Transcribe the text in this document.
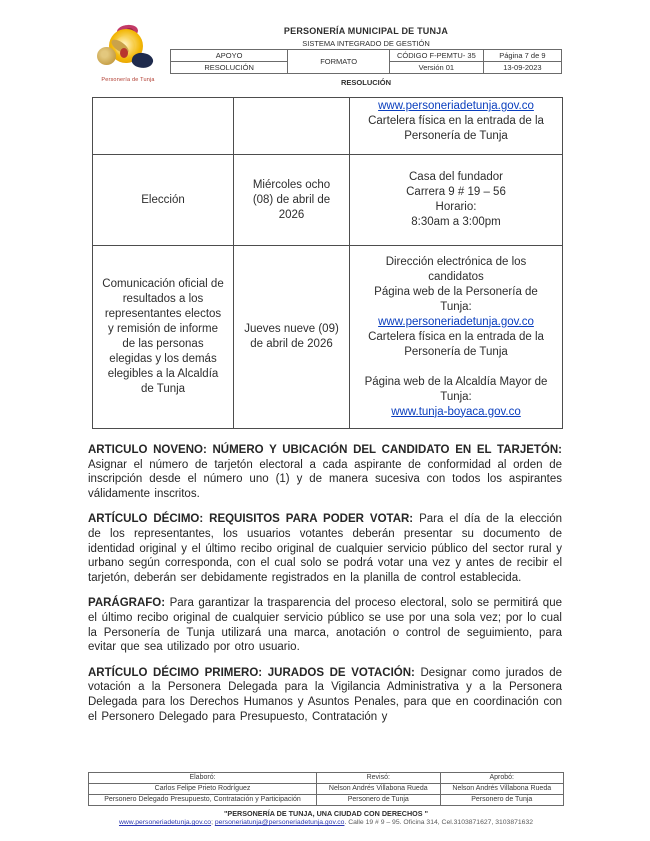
Personería de Tunja
PERSONERÍA MUNICIPAL DE TUNJA
SISTEMA INTEGRADO DE GESTIÓN
APOYO	FORMATO	CÓDIGO F-PEMTU- 35	Página 7 de 9
RESOLUCIÓN		Versión 01	13-09-2023
RESOLUCIÓN

		www.personeriadetunja.gov.co
Cartelera física en la entrada de la Personería de Tunja

Elección	Miércoles ocho (08) de abril de 2026	Casa del fundador
Carrera 9 # 19 – 56
Horario:
8:30am a 3:00pm

Comunicación oficial de resultados a los representantes electos y remisión de informe de las personas elegidas y los demás elegibles a la Alcaldía de Tunja	Jueves nueve (09) de abril de 2026	
Dirección electrónica de los candidatos
Página web de la Personería de Tunja:
www.personeriadetunja.gov.co
Cartelera física en la entrada de la Personería de Tunja
Página web de la Alcaldía Mayor de Tunja:
www.tunja-boyaca.gov.co

ARTICULO NOVENO: NÚMERO Y UBICACIÓN DEL CANDIDATO EN EL TARJETÓN: Asignar el número de tarjetón electoral a cada aspirante de conformidad al orden de inscripción desde el número uno (1) y de manera sucesiva con todos los aspirantes válidamente inscritos.

ARTÍCULO DÉCIMO: REQUISITOS PARA PODER VOTAR: Para el día de la elección de los representantes, los usuarios votantes deberán presentar su documento de identidad original y el último recibo original de cualquier servicio público del sector rural y urbano según corresponda, con el cual solo se podrá votar una vez y antes de recibir el tarjetón, deberán ser debidamente registrados en la planilla de control establecida.

PARÁGRAFO: Para garantizar la trasparencia del proceso electoral, solo se permitirá que el último recibo original de cualquier servicio público se use por una sola vez; por lo cual la Personería de Tunja utilizará una marca, anotación o control de seguimiento, para evitar que sea utilizado por otro usuario.

ARTÍCULO DÉCIMO PRIMERO: JURADOS DE VOTACIÓN: Designar como jurados de votación a la Personera Delegada para la Vigilancia Administrativa y a la Personera Delegada para los Derechos Humanos y Asuntos Penales, para que en coordinación con el Personero Delegado para Presupuesto, Contratación y

Elaboró:	Revisó:	Aprobó:
Carlos Felipe Prieto Rodríguez	Nelson Andrés Villabona Rueda	Nelson Andrés Villabona Rueda
Personero Delegado Presupuesto, Contratación y Participación	Personero de Tunja	Personero de Tunja
"PERSONERÍA DE TUNJA, UNA CIUDAD CON DERECHOS "
www.personeriadetunja.gov.co; personeriatunja@personeriadetunja.gov.co. Calle 19 # 9 – 95. Oficina 314, Cel.3103871627, 3103871632
